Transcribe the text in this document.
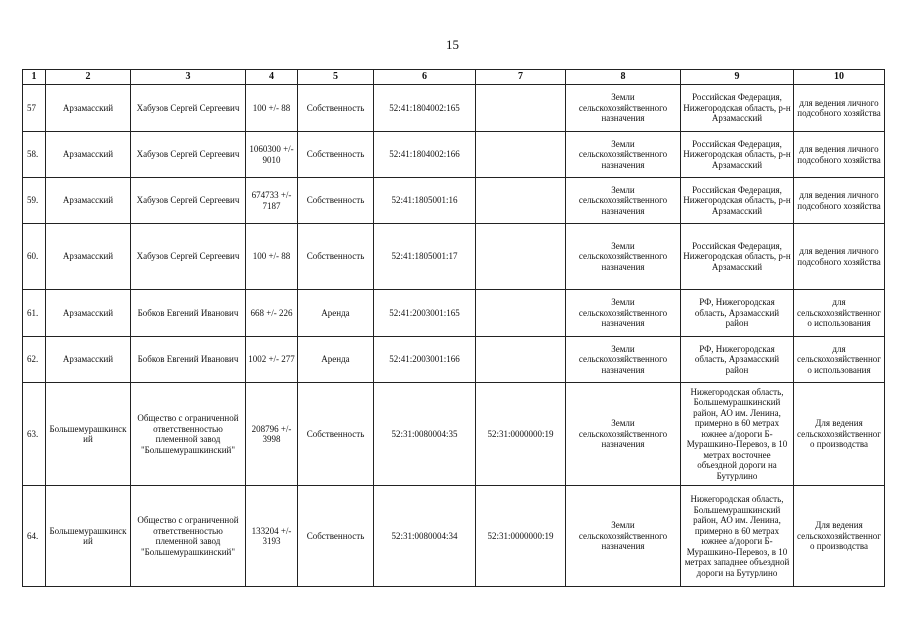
15
1	2	3	4	5	6	7	8	9	10
57	Арзамасский	Хабузов Сергей Сергеевич	100 +/- 88	Собственность	52:41:1804002:165		Земли сельскохозяйственного назначения	Российская Федерация, Нижегородская область, р-н Арзамасский	для ведения личного подсобного хозяйства
58.	Арзамасский	Хабузов Сергей Сергеевич	1060300 +/- 9010	Собственность	52:41:1804002:166		Земли сельскохозяйственного назначения	Российская Федерация, Нижегородская область, р-н Арзамасский	для ведения личного подсобного хозяйства
59.	Арзамасский	Хабузов Сергей Сергеевич	674733 +/- 7187	Собственность	52:41:1805001:16		Земли сельскохозяйственного назначения	Российская Федерация, Нижегородская область, р-н Арзамасский	для ведения личного подсобного хозяйства
60.	Арзамасский	Хабузов Сергей Сергеевич	100 +/- 88	Собственность	52:41:1805001:17		Земли сельскохозяйственного назначения	Российская Федерация, Нижегородская область, р-н Арзамасский	для ведения личного подсобного хозяйства
61.	Арзамасский	Бобков Евгений Иванович	668 +/- 226	Аренда	52:41:2003001:165		Земли сельскохозяйственного назначения	РФ, Нижегородская область, Арзамасский район	для сельскохозяйственного использования
62.	Арзамасский	Бобков Евгений Иванович	1002 +/- 277	Аренда	52:41:2003001:166		Земли сельскохозяйственного назначения	РФ, Нижегородская область, Арзамасский район	для сельскохозяйственного использования
63.	Большемурашкинский	Общество с ограниченной ответственностью племенной завод "Большемурашкинский"	208796 +/- 3998	Собственность	52:31:0080004:35	52:31:0000000:19	Земли сельскохозяйственного назначения	Нижегородская область, Большемурашкинский район, АО им. Ленина, примерно в 60 метрах южнее а/дороги Б-Мурашкино-Перевоз, в 10 метрах восточнее объездной дороги на Бутурлино	Для ведения сельскохозяйственного производства
64.	Большемурашкинский	Общество с ограниченной ответственностью племенной завод "Большемурашкинский"	133204 +/- 3193	Собственность	52:31:0080004:34	52:31:0000000:19	Земли сельскохозяйственного назначения	Нижегородская область, Большемурашкинский район, АО им. Ленина, примерно в 60 метрах южнее а/дороги Б-Мурашкино-Перевоз, в 10 метрах западнее объездной дороги на Бутурлино	Для ведения сельскохозяйственного производства
